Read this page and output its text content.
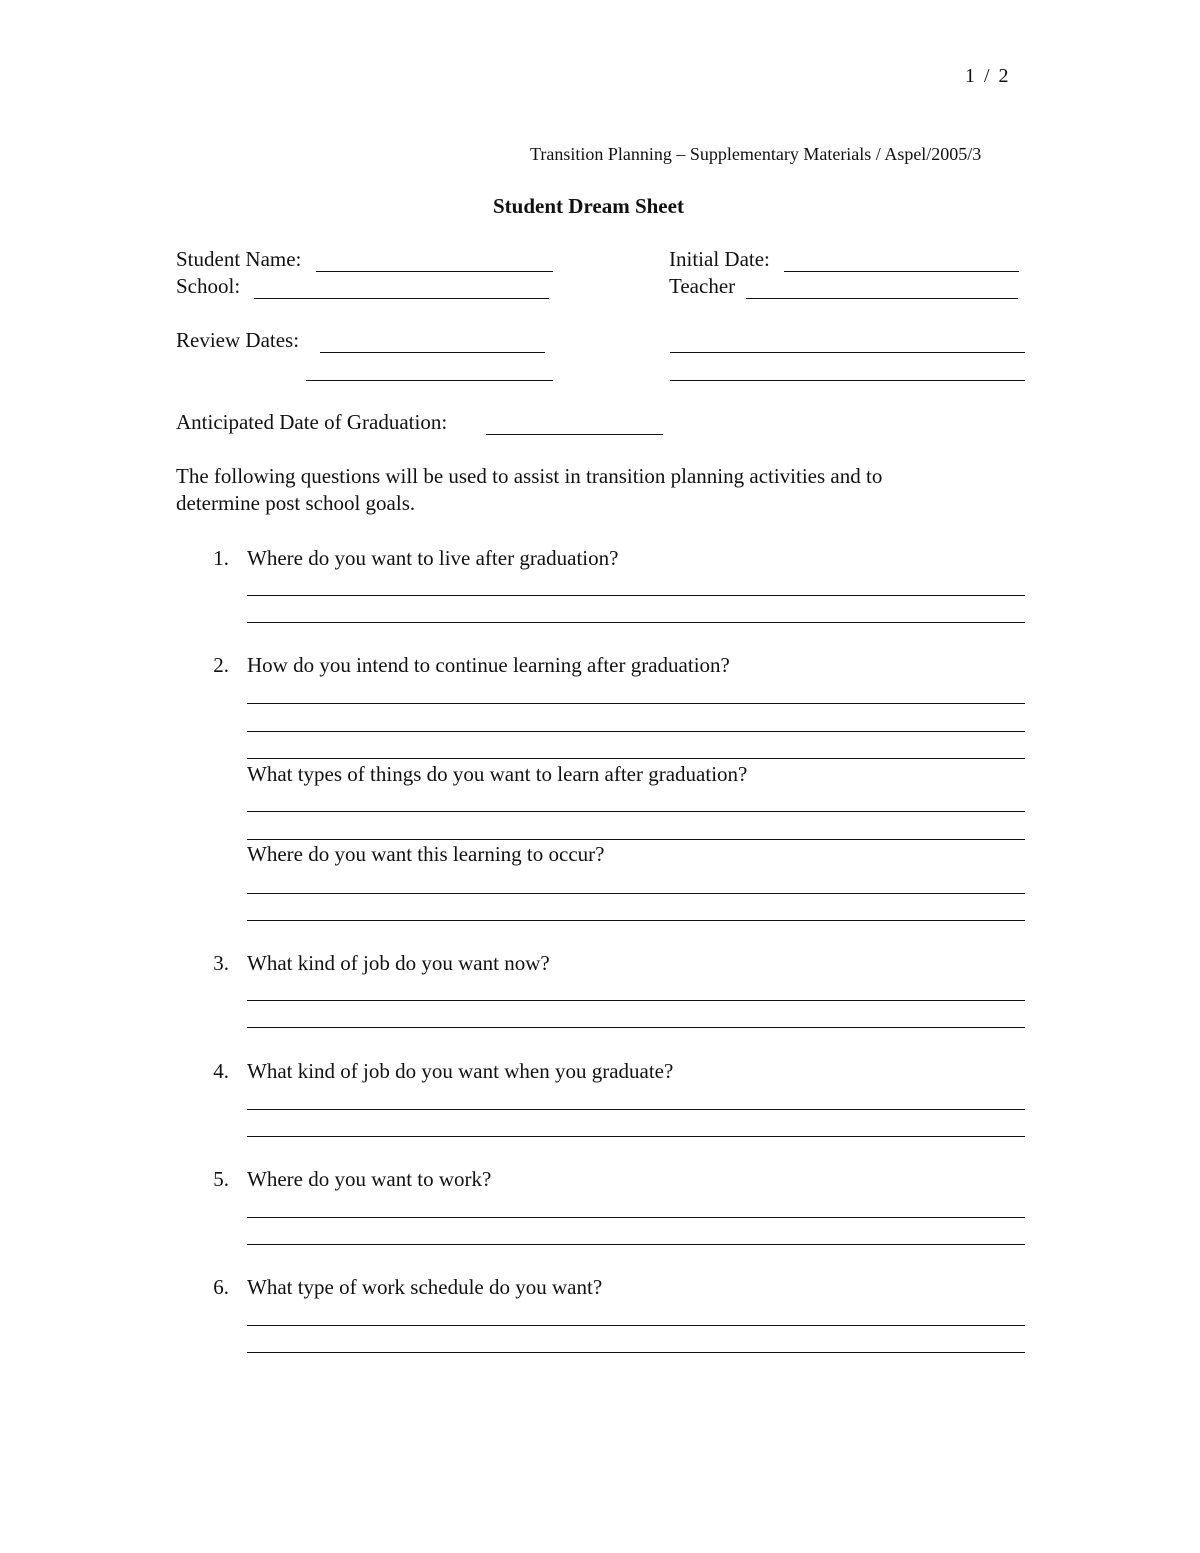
1 / 2
Transition Planning – Supplementary Materials / Aspel/2005/3
Student Dream Sheet
Student Name:
School:
Initial Date:
Teacher
Review Dates:
Anticipated Date of Graduation:
The following questions will be used to assist in transition planning activities and to
determine post school goals.
1. Where do you want to live after graduation?
2. How do you intend to continue learning after graduation?
What types of things do you want to learn after graduation?
Where do you want this learning to occur?
3. What kind of job do you want now?
4. What kind of job do you want when you graduate?
5. Where do you want to work?
6. What type of work schedule do you want?
